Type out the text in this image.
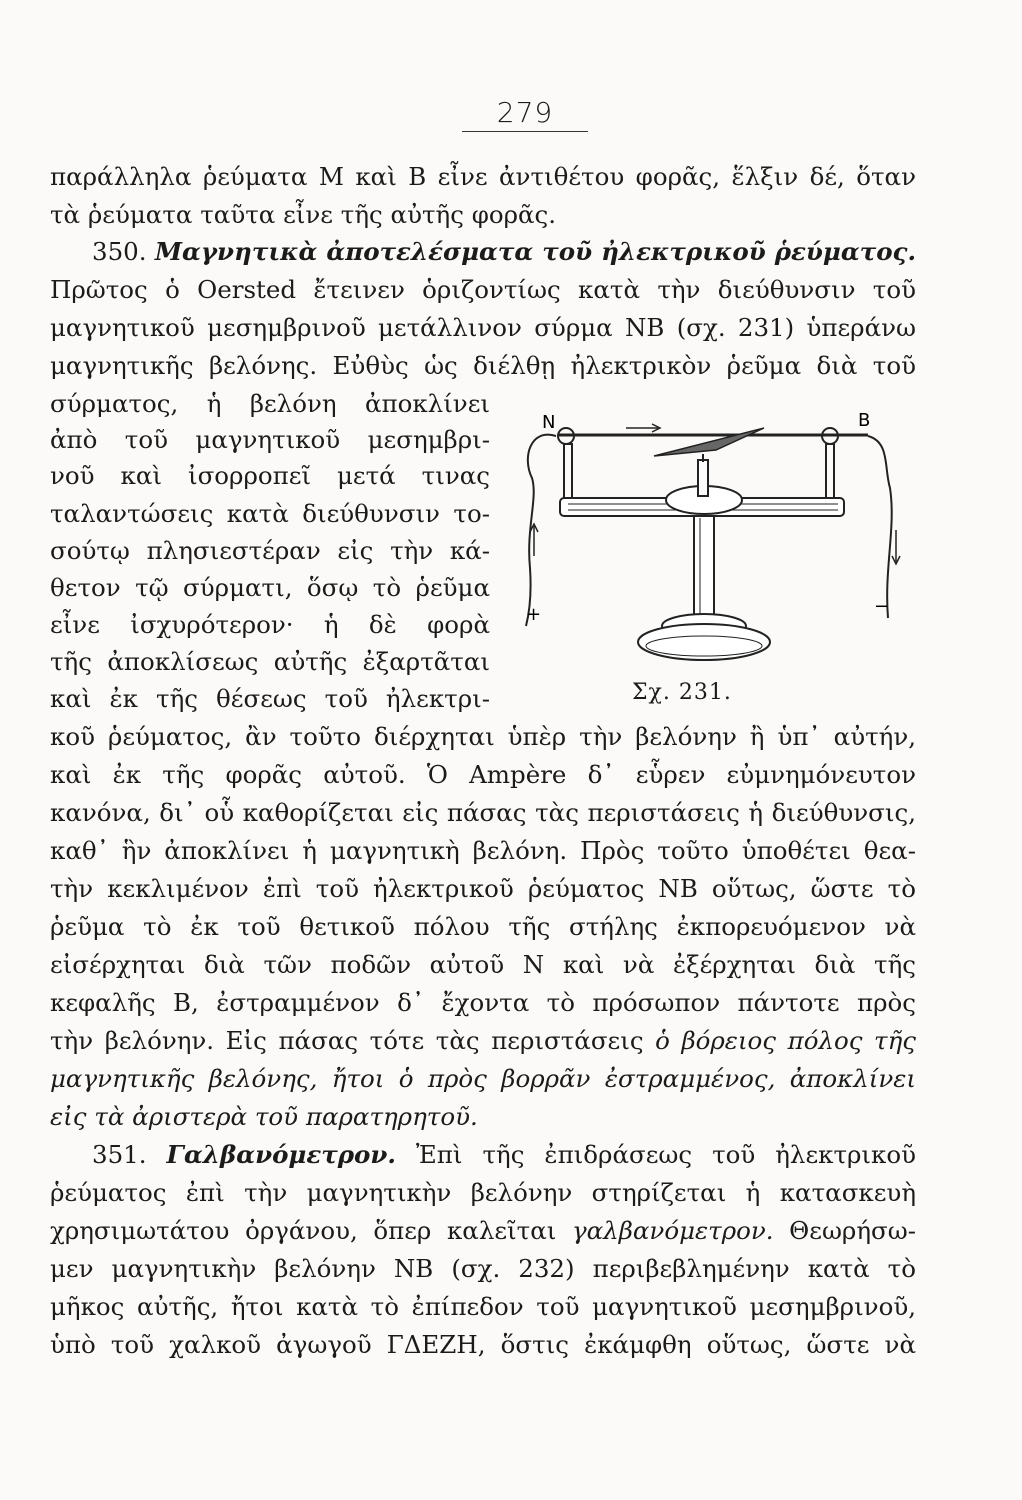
279
παράλληλα ῥεύματα Μ καὶ Β εἶνε ἀντιθέτου φορᾶς, ἕλξιν δέ, ὅταν
τὰ ῥεύματα ταῦτα εἶνε τῆς αὐτῆς φορᾶς.
350. Μαγνητικὰ ἀποτελέσματα τοῦ ἠλεκτρικοῦ ῥεύματος.
Πρῶτος ὁ Oersted ἔτεινεν ὁριζοντίως κατὰ τὴν διεύθυνσιν τοῦ
μαγνητικοῦ μεσημβρινοῦ μετάλλινον σύρμα ΝΒ (σχ. 231) ὑπεράνω
μαγνητικῆς βελόνης. Εὐθὺς ὡς διέλθῃ ἠλεκτρικὸν ῥεῦμα διὰ τοῦ
σύρματος, ἡ βελόνη ἀποκλίνει
ἀπὸ τοῦ μαγνητικοῦ μεσημβρι-
νοῦ καὶ ἰσορροπεῖ μετά τινας
ταλαντώσεις κατὰ διεύθυνσιν το-
σούτῳ πλησιεστέραν εἰς τὴν κά-
θετον τῷ σύρματι, ὅσῳ τὸ ῥεῦμα
εἶνε ἰσχυρότερον· ἡ δὲ φορὰ
τῆς ἀποκλίσεως αὐτῆς ἐξαρτᾶται
καὶ ἐκ τῆς θέσεως τοῦ ἠλεκτρι-
κοῦ ῥεύματος, ἂν τοῦτο διέρχηται ὑπὲρ τὴν βελόνην ἢ ὑπ᾽ αὐτήν,
καὶ ἐκ τῆς φορᾶς αὐτοῦ. Ὁ Ampère δ᾽ εὗρεν εὐμνημόνευτον
κανόνα, δι᾽ οὗ καθορίζεται εἰς πάσας τὰς περιστάσεις ἡ διεύθυνσις,
καθ᾽ ἣν ἀποκλίνει ἡ μαγνητικὴ βελόνη. Πρὸς τοῦτο ὑποθέτει θεα-
τὴν κεκλιμένον ἐπὶ τοῦ ἠλεκτρικοῦ ῥεύματος ΝΒ οὕτως, ὥστε τὸ
ῥεῦμα τὸ ἐκ τοῦ θετικοῦ πόλου τῆς στήλης ἐκπορευόμενον νὰ
εἰσέρχηται διὰ τῶν ποδῶν αὐτοῦ Ν καὶ νὰ ἐξέρχηται διὰ τῆς
κεφαλῆς Β, ἐστραμμένον δ᾽ ἔχοντα τὸ πρόσωπον πάντοτε πρὸς
τὴν βελόνην. Εἰς πάσας τότε τὰς περιστάσεις ὁ βόρειος πόλος τῆς
μαγνητικῆς βελόνης, ἤτοι ὁ πρὸς βορρᾶν ἐστραμμένος, ἀποκλίνει
εἰς τὰ ἀριστερὰ τοῦ παρατηρητοῦ.
351. Γαλβανόμετρον. Ἐπὶ τῆς ἐπιδράσεως τοῦ ἠλεκτρικοῦ
ῥεύματος ἐπὶ τὴν μαγνητικὴν βελόνην στηρίζεται ἡ κατασκευὴ
χρησιμωτάτου ὀργάνου, ὅπερ καλεῖται γαλβανόμετρον. Θεωρήσω-
μεν μαγνητικὴν βελόνην ΝΒ (σχ. 232) περιβεβλημένην κατὰ τὸ
μῆκος αὐτῆς, ἤτοι κατὰ τὸ ἐπίπεδον τοῦ μαγνητικοῦ μεσημβρινοῦ,
ὑπὸ τοῦ χαλκοῦ ἀγωγοῦ ΓΔΕΖΗ, ὅστις ἐκάμφθη οὕτως, ὥστε νὰ
N	B
+	−
Σχ. 231.
